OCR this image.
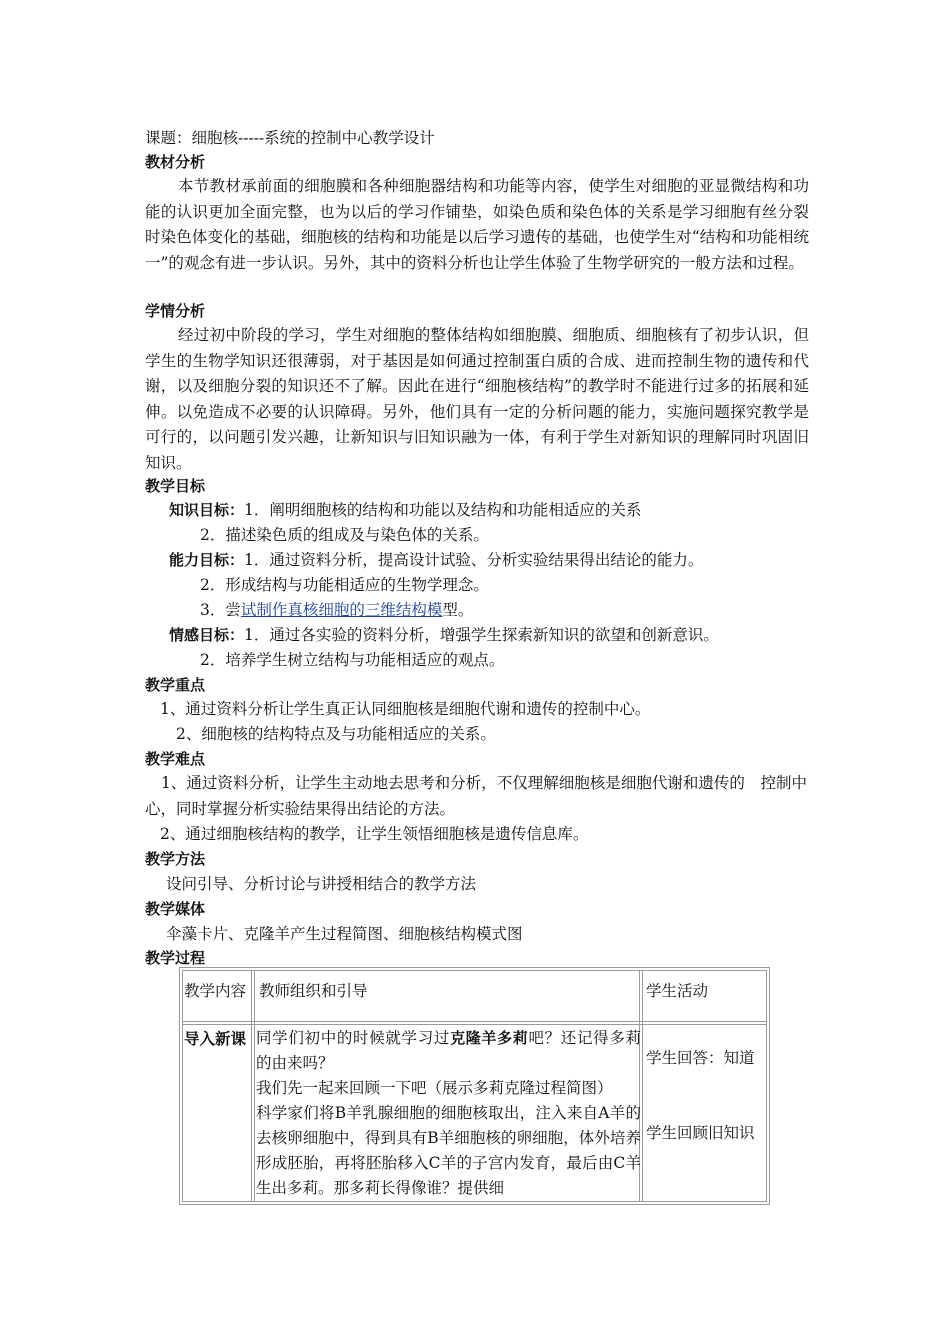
课题：细胞核-----系统的控制中心教学设计
教材分析
本节教材承前面的细胞膜和各种细胞器结构和功能等内容，使学生对细胞的亚显微结构和功能的认识更加全面完整，也为以后的学习作铺垫，如染色质和染色体的关系是学习细胞有丝分裂时染色体变化的基础，细胞核的结构和功能是以后学习遗传的基础，也使学生对“结构和功能相统一”的观念有进一步认识。另外，其中的资料分析也让学生体验了生物学研究的一般方法和过程。
学情分析
经过初中阶段的学习，学生对细胞的整体结构如细胞膜、细胞质、细胞核有了初步认识，但学生的生物学知识还很薄弱，对于基因是如何通过控制蛋白质的合成、进而控制生物的遗传和代谢，以及细胞分裂的知识还不了解。因此在进行“细胞核结构”的教学时不能进行过多的拓展和延伸。以免造成不必要的认识障碍。另外，他们具有一定的分析问题的能力，实施问题探究教学是可行的，以问题引发兴趣，让新知识与旧知识融为一体，有利于学生对新知识的理解同时巩固旧知识。
教学目标
知识目标：1．阐明细胞核的结构和功能以及结构和功能相适应的关系
2．描述染色质的组成及与染色体的关系。
能力目标：1．通过资料分析，提高设计试验、分析实验结果得出结论的能力。
2．形成结构与功能相适应的生物学理念。
3．尝试制作真核细胞的三维结构模型。
情感目标：1．通过各实验的资料分析，增强学生探索新知识的欲望和创新意识。
2．培养学生树立结构与功能相适应的观点。
教学重点
1、通过资料分析让学生真正认同细胞核是细胞代谢和遗传的控制中心。
2、细胞核的结构特点及与功能相适应的关系。
教学难点
1、通过资料分析，让学生主动地去思考和分析，不仅理解细胞核是细胞代谢和遗传的　控制中心，同时掌握分析实验结果得出结论的方法。
2、通过细胞核结构的教学，让学生领悟细胞核是遗传信息库。
教学方法
设问引导、分析讨论与讲授相结合的教学方法
教学媒体
伞藻卡片、克隆羊产生过程简图、细胞核结构模式图
教学过程
教学内容 教师组织和引导	学生活动
导入新课 同学们初中的时候就学习过克隆羊多莉吧？还记得多莉的由来吗？

我们先一起来回顾一下吧（展示多莉克隆过程简图）

科学家们将B羊乳腺细胞的细胞核取出，注入来自A羊的去核卵细胞中，得到具有B羊细胞核的卵细胞，体外培养形成胚胎，再将胚胎移入C羊的子宫内发育，最后由C羊生出多莉。那多莉长得像谁？提供细

学生回答：知道
学生回顾旧知识
